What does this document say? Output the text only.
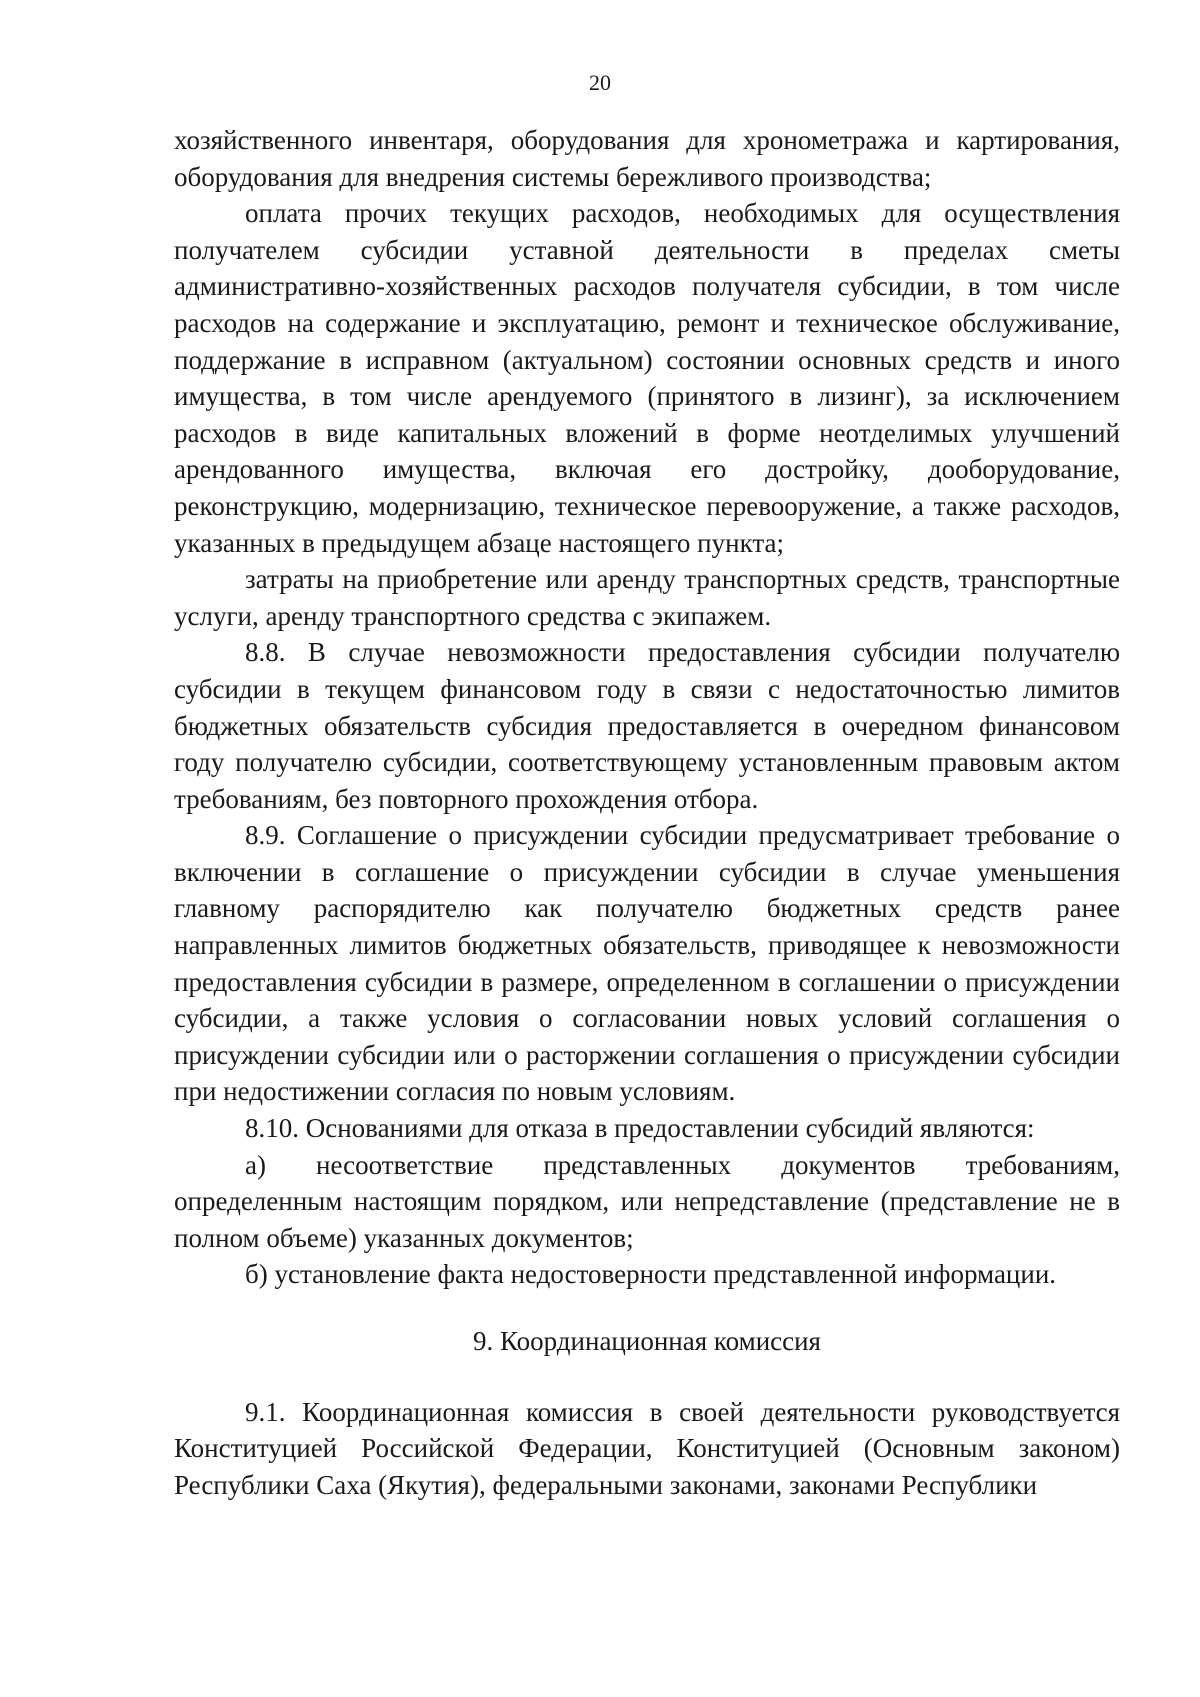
20

хозяйственного инвентаря, оборудования для хронометража и картирования, оборудования для внедрения системы бережливого производства;

оплата прочих текущих расходов, необходимых для осуществления получателем субсидии уставной деятельности в пределах сметы административно-хозяйственных расходов получателя субсидии, в том числе расходов на содержание и эксплуатацию, ремонт и техническое обслуживание, поддержание в исправном (актуальном) состоянии основных средств и иного имущества, в том числе арендуемого (принятого в лизинг), за исключением расходов в виде капитальных вложений в форме неотделимых улучшений арендованного имущества, включая его достройку, дооборудование, реконструкцию, модернизацию, техническое перевооружение, а также расходов, указанных в предыдущем абзаце настоящего пункта;

затраты на приобретение или аренду транспортных средств, транспортные услуги, аренду транспортного средства с экипажем.

8.8. В случае невозможности предоставления субсидии получателю субсидии в текущем финансовом году в связи с недостаточностью лимитов бюджетных обязательств субсидия предоставляется в очередном финансовом году получателю субсидии, соответствующему установленным правовым актом требованиям, без повторного прохождения отбора.

8.9. Соглашение о присуждении субсидии предусматривает требование о включении в соглашение о присуждении субсидии в случае уменьшения главному распорядителю как получателю бюджетных средств ранее направленных лимитов бюджетных обязательств, приводящее к невозможности предоставления субсидии в размере, определенном в соглашении о присуждении субсидии, а также условия о согласовании новых условий соглашения о присуждении субсидии или о расторжении соглашения о присуждении субсидии при недостижении согласия по новым условиям.

8.10. Основаниями для отказа в предоставлении субсидий являются:

а) несоответствие представленных документов требованиям, определенным настоящим порядком, или непредставление (представление не в полном объеме) указанных документов;

б) установление факта недостоверности представленной информации.

9. Координационная комиссия

9.1. Координационная комиссия в своей деятельности руководствуется Конституцией Российской Федерации, Конституцией (Основным законом) Республики Саха (Якутия), федеральными законами, законами Республики
